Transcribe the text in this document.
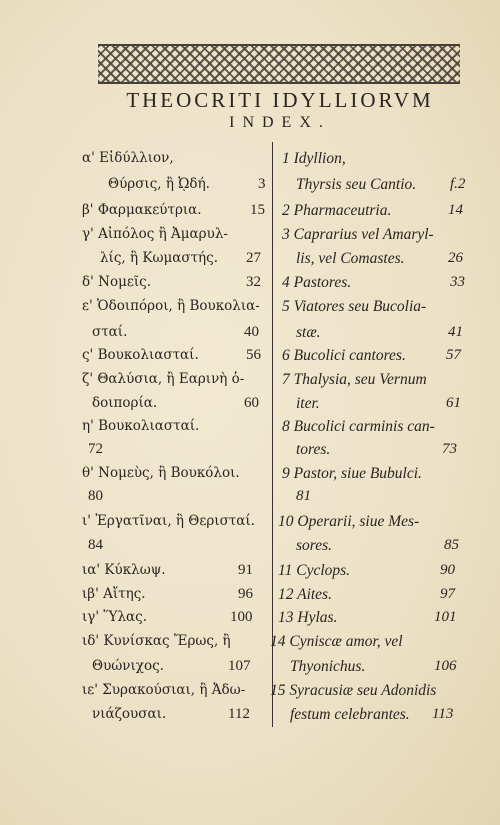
THEOCRITI IDYLLIORVM
INDEX.
α' Εἰδύλλιον,
Θύρσις, ἢ ᾨδή.	3
β' Φαρμακεύτρια.	15
γ' Αἰπόλος ἢ Ἀμαρυλ-
λίς, ἢ Κωμαστής. 27
δ' Νομεῖς.	32
ε' Ὁδοιπόροι, ἢ Βουκολια-
σταί.	40
ς' Βουκολιασταί.	56
ζ' Θαλύσια, ἢ Εαρινὴ ὁ-
δοιπορία.	60
η' Βουκολιασταί.
72
θ' Νομεὺς, ἢ Βουκόλοι.
80
ι' Ἐργατῖναι, ἢ Θερισταί.
84
ια' Κύκλωψ.	91
ιβ' Αἴτης.	96
ιγ' Ὕλας.	100
ιδ' Κυνίσκας Ἔρως, ἢ
Θυώνιχος.	107
ιε' Συρακούσιαι, ἢ Ἀδω-
νιάζουσαι.	112
1 Idyllion,
Thyrsis seu Cantio. f.2
2 Pharmaceutria.	14
3 Caprarius vel Amaryl-
lis, vel Comastes.	26
4 Pastores.	33
5 Viatores seu Bucolia-
stæ.	41
6 Bucolici cantores.	57
7 Thalysia, seu Vernum
iter.	61
8 Bucolici carminis can-
tores.	73
9 Pastor, siue Bubulci.
81
10 Operarii, siue Mes-
sores.	85
11 Cyclops.	90
12 Aites.	97
13 Hylas.	101
14 Cyniscæ amor, vel
Thyonichus.	106
15 Syracusiæ seu Adonidis
festum celebrantes. 113
